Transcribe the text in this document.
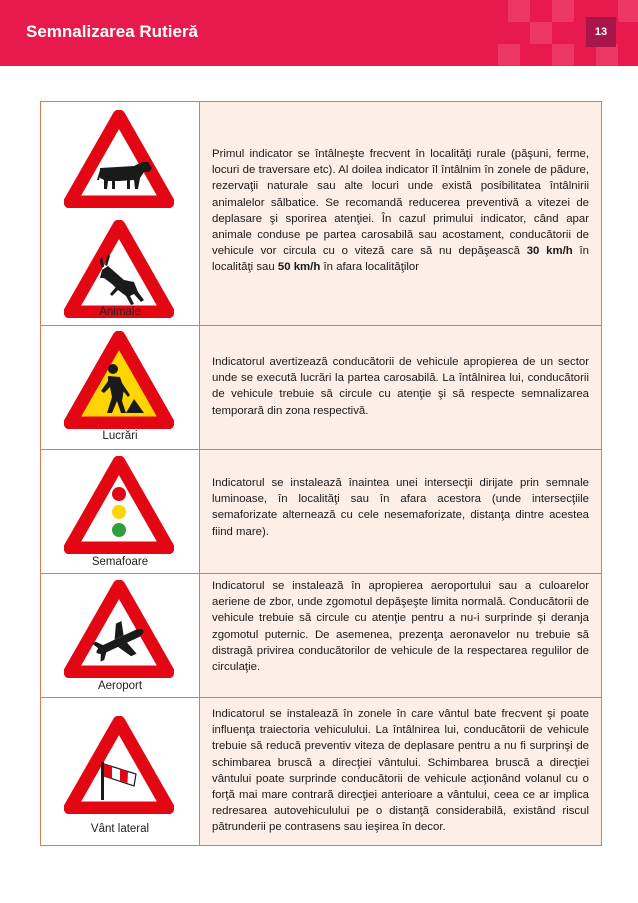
Semnalizarea Rutieră	13
Animale
Primul indicator se întâlneşte frecvent în localităţi rurale (păşuni, ferme, locuri de traversare etc). Al doilea indicator îl întâlnim în zonele de pădure, rezervaţii naturale sau alte locuri unde există posibilitatea întâlnirii animalelor sălbatice. Se recomandă reducerea preventivă a vitezei de deplasare şi sporirea atenţiei. În cazul primului indicator, când apar animale conduse pe partea carosabilă sau acostament, conducătorii de vehicule vor circula cu o viteză care să nu depăşească 30 km/h în localităţi sau 50 km/h în afara localităţilor
Lucrări
Indicatorul avertizează conducătorii de vehicule apropierea de un sector unde se execută lucrări la partea carosabilă. La întâlnirea lui, conducătorii de vehicule trebuie să circule cu atenţie şi să respecte semnalizarea temporară din zona respectivă.
Semafoare
Indicatorul se instalează înaintea unei intersecţii dirijate prin semnale luminoase, în localităţi sau în afara acestora (unde intersecţiile semaforizate alternează cu cele nesemaforizate, distanţa dintre acestea fiind mare).
Aeroport
Indicatorul se instalează în apropierea aeroportului sau a culoarelor aeriene de zbor, unde zgomotul depăşeşte limita normală. Conducătorii de vehicule trebuie să circule cu atenţie pentru a nu-i surprinde şi deranja zgomotul puternic. De asemenea, prezenţa aeronavelor nu trebuie să distragă privirea conducătorilor de vehicule de la respectarea regulilor de circulaţie.
Vânt lateral
Indicatorul se instalează în zonele în care vântul bate frecvent şi poate influenţa traiectoria vehiculului. La întâlnirea lui, conducătorii de vehicule trebuie să reducă preventiv viteza de deplasare pentru a nu fi surprinşi de schimbarea bruscă a direcţiei vântului. Schimbarea bruscă a direcţiei vântului poate surprinde conducătorii de vehicule acţionând volanul cu o forţă mai mare contrară direcţiei anterioare a vântului, ceea ce ar implica redresarea autovehiculului pe o distanţă considerabilă, existând riscul pătrunderii pe contrasens sau ieşirea în decor.
